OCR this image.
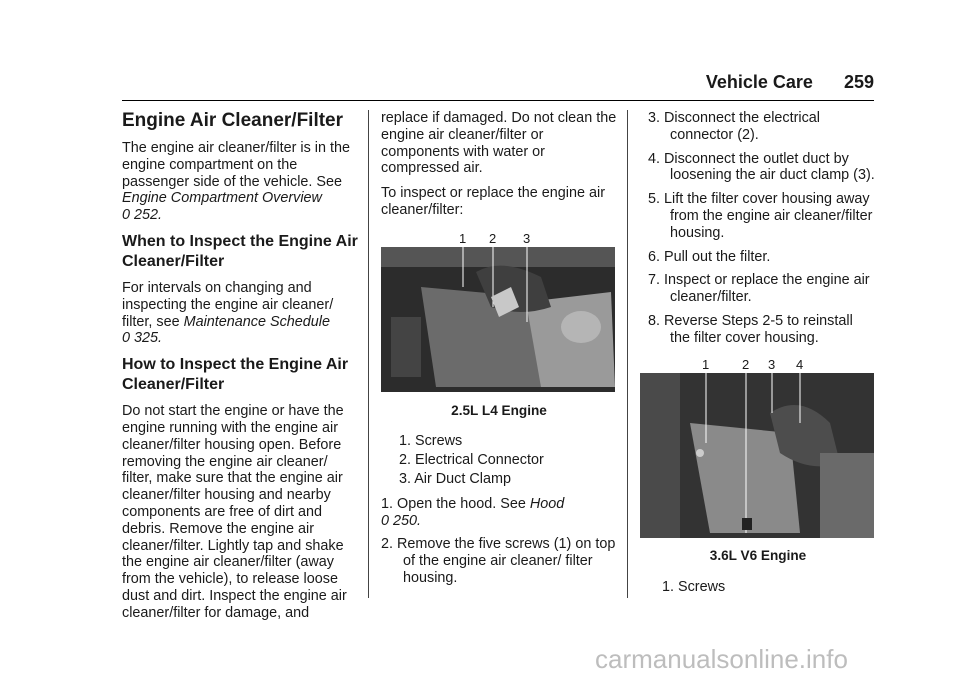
Vehicle Care 259
Engine Air Cleaner/Filter

The engine air cleaner/filter is in the engine compartment on the passenger side of the vehicle. See
Engine Compartment Overview
0 252.

When to Inspect the Engine Air Cleaner/Filter

For intervals on changing and inspecting the engine air cleaner/ filter, see Maintenance Schedule
0 325.

How to Inspect the Engine Air Cleaner/Filter

Do not start the engine or have the engine running with the engine air cleaner/filter housing open. Before removing the engine air cleaner/ filter, make sure that the engine air cleaner/filter housing and nearby components are free of dirt and debris. Remove the engine air cleaner/filter. Lightly tap and shake the engine air cleaner/filter (away from the vehicle), to release loose dust and dirt. Inspect the engine air cleaner/filter for damage, and

replace if damaged. Do not clean the engine air cleaner/filter or components with water or compressed air.

To inspect or replace the engine air cleaner/filter:

1 2 3
2.5L L4 Engine
1. Screws
2. Electrical Connector
3. Air Duct Clamp
1. Open the hood. See Hood
0 250.
2. Remove the five screws (1) on top of the engine air cleaner/ filter housing.
3. Disconnect the electrical connector (2).
4. Disconnect the outlet duct by loosening the air duct clamp (3).
5. Lift the filter cover housing away from the engine air cleaner/filter housing.
6. Pull out the filter.
7. Inspect or replace the engine air cleaner/filter.
8. Reverse Steps 2-5 to reinstall the filter cover housing.
1	2 3 4
3.6L V6 Engine
1. Screws
carmanualsonline.info
